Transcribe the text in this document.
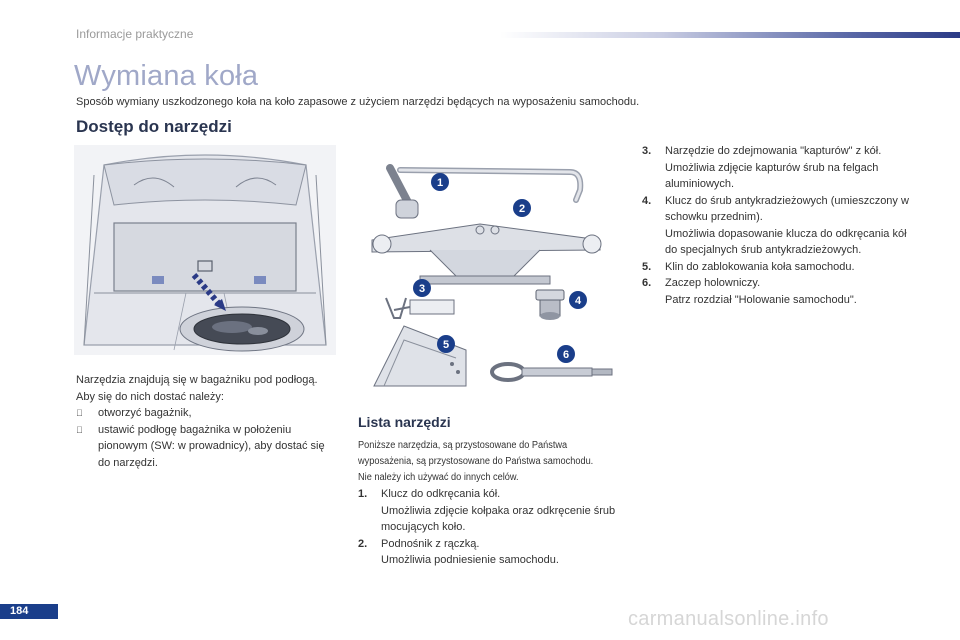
Informacje praktyczne
Wymiana koła
Sposób wymiany uszkodzonego koła na koło zapasowe z użyciem narzędzi będących na wyposażeniu samochodu.
Dostęp do narzędzi
1
2
3
4
5
6
Narzędzia znajdują się w bagażniku pod podłogą.
Aby się do nich dostać należy:
otworzyć bagażnik,
ustawić podłogę bagażnika w położeniu pionowym (SW: w prowadnicy), aby dostać się do narzędzi.
Lista narzędzi
Poniższe narzędzia, są przystosowane do Państwa wyposażenia, są przystosowane do Państwa samochodu. Nie należy ich używać do innych celów.
1.	Klucz do odkręcania kół.
Umożliwia zdjęcie kołpaka oraz odkręcenie śrub mocujących koło.
2.	Podnośnik z rączką.
Umożliwia podniesienie samochodu.
3.	Narzędzie do zdejmowania "kapturów" z kół.
Umożliwia zdjęcie kapturów śrub na felgach aluminiowych.
4.	Klucz do śrub antykradzieżowych (umieszczony w schowku przednim).
Umożliwia dopasowanie klucza do odkręcania kół do specjalnych śrub antykradzieżowych.
5.	Klin do zablokowania koła samochodu.
6.	Zaczep holowniczy.
Patrz rozdział "Holowanie samochodu".
184	carmanualsonline.info
